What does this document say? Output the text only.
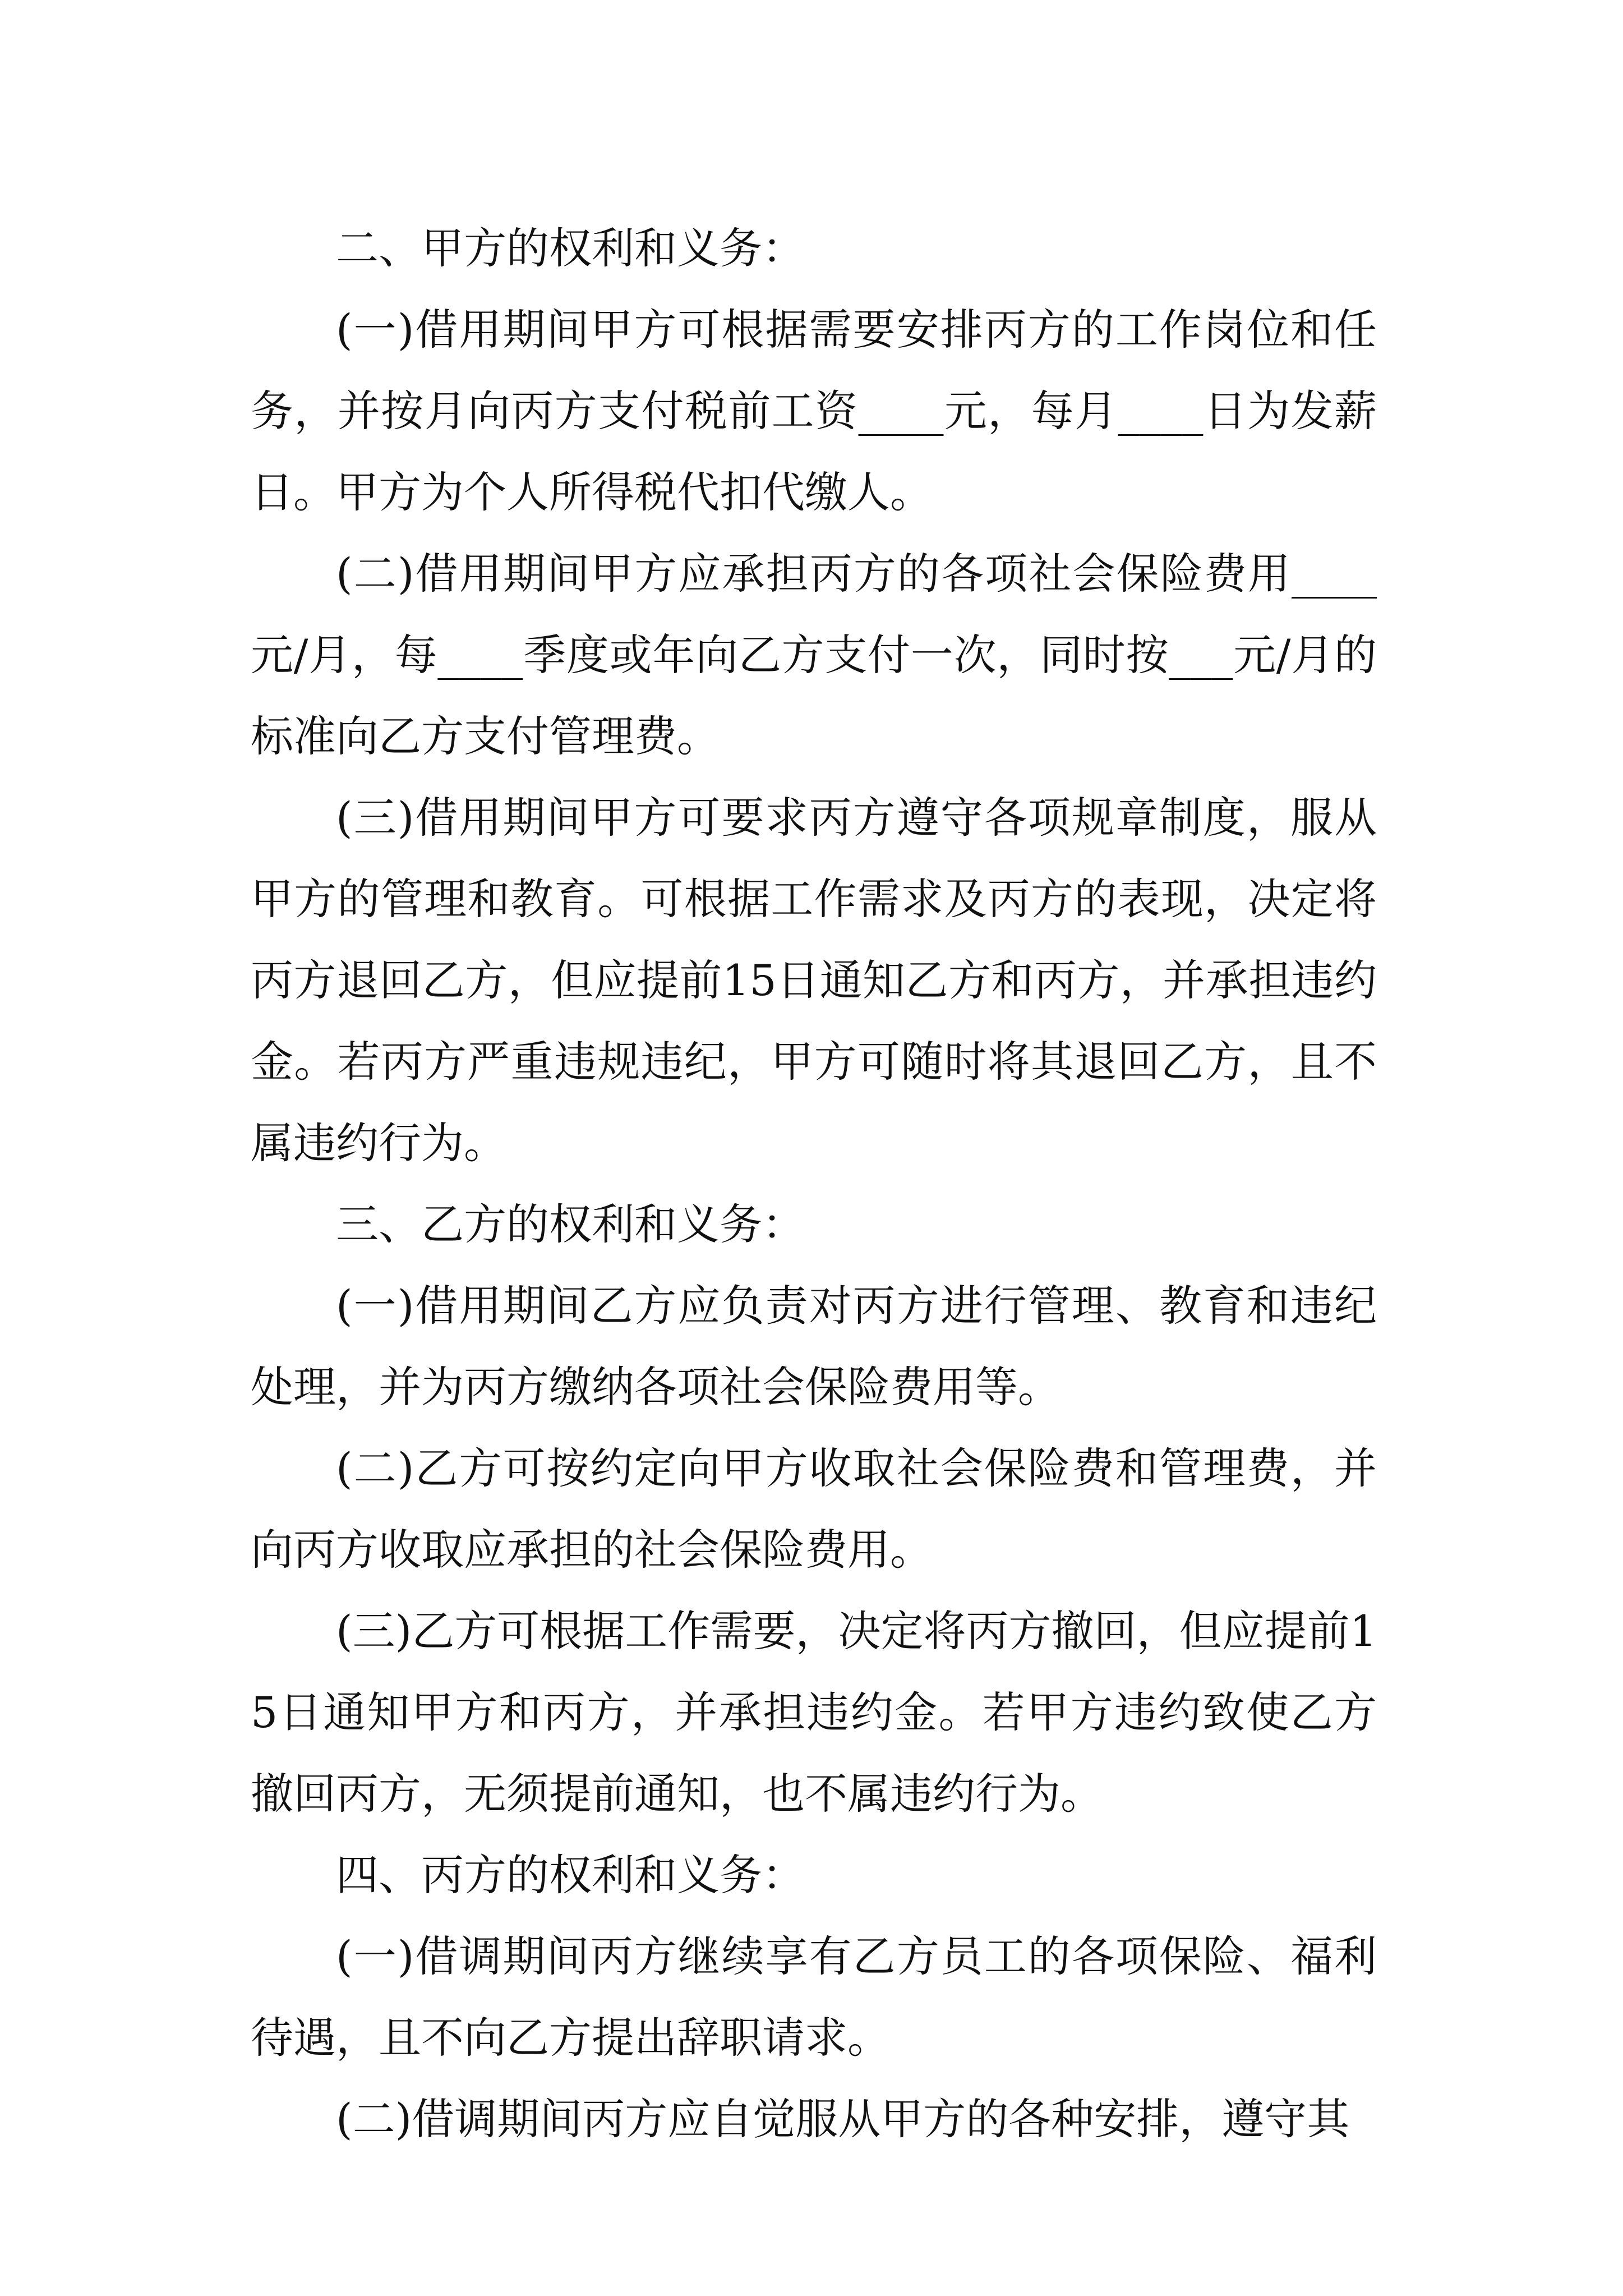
二、甲方的权利和义务：

(一)借用期间甲方可根据需要安排丙方的工作岗位和任务，并按月向丙方支付税前工资____元，每月____日为发薪日。甲方为个人所得税代扣代缴人。

(二)借用期间甲方应承担丙方的各项社会保险费用____元/月，每____季度或年向乙方支付一次，同时按___元/月的标准向乙方支付管理费。

(三)借用期间甲方可要求丙方遵守各项规章制度，服从甲方的管理和教育。可根据工作需求及丙方的表现，决定将丙方退回乙方，但应提前15日通知乙方和丙方，并承担违约金。若丙方严重违规违纪，甲方可随时将其退回乙方，且不属违约行为。

三、乙方的权利和义务：

(一)借用期间乙方应负责对丙方进行管理、教育和违纪处理，并为丙方缴纳各项社会保险费用等。

(二)乙方可按约定向甲方收取社会保险费和管理费，并向丙方收取应承担的社会保险费用。

(三)乙方可根据工作需要，决定将丙方撤回，但应提前15日通知甲方和丙方，并承担违约金。若甲方违约致使乙方撤回丙方，无须提前通知，也不属违约行为。

四、丙方的权利和义务：

(一)借调期间丙方继续享有乙方员工的各项保险、福利待遇，且不向乙方提出辞职请求。

(二)借调期间丙方应自觉服从甲方的各种安排，遵守其
